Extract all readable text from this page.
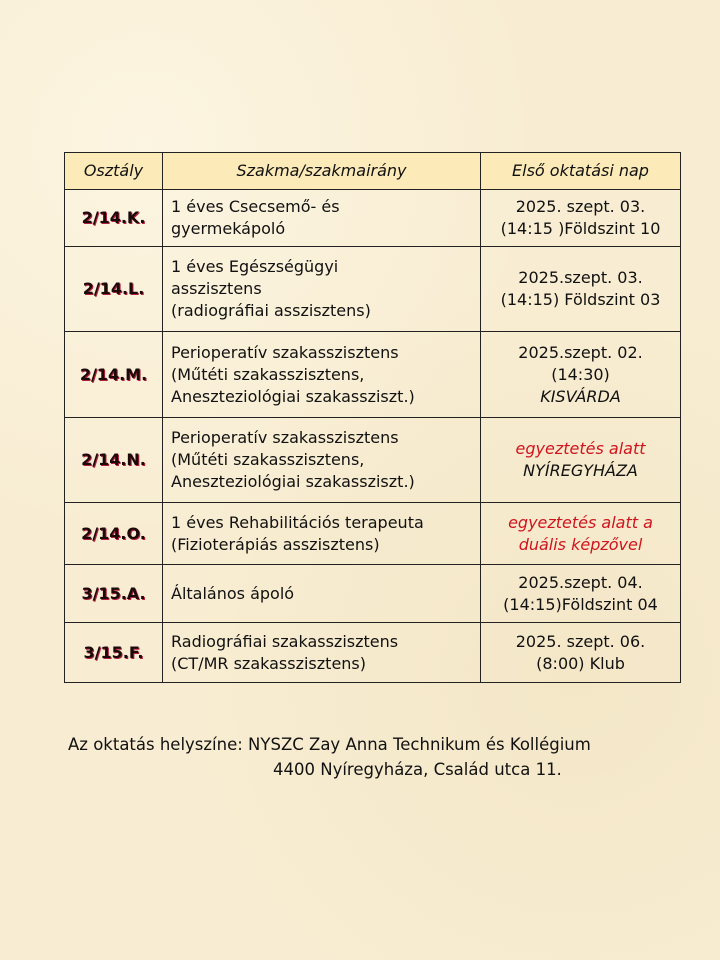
Osztály	Szakma/szakmairány	Első oktatási nap
2/14.K.	1 éves Csecsemő- és
gyermekápoló	2025. szept. 03.
(14:15 )Földszint 10

2/14.L.	1 éves Egészségügyi
asszisztens
(radiográfiai asszisztens)	2025.szept. 03.
(14:15) Földszint 03

2/14.M.	Perioperatív szakasszisztens
(Műtéti szakasszisztens,
Aneszteziológiai szakassziszt.)	2025.szept. 02.
(14:30)
KISVÁRDA

2/14.N.	Perioperatív szakasszisztens
(Műtéti szakasszisztens,
Aneszteziológiai szakassziszt.)	egyeztetés alatt
NYÍREGYHÁZA

2/14.O.	1 éves Rehabilitációs terapeuta
(Fizioterápiás asszisztens)	egyeztetés alatt a
duális képzővel

3/15.A.	Általános ápoló	2025.szept. 04.
(14:15)Földszint 04

3/15.F.	Radiográfiai szakasszisztens
(CT/MR szakasszisztens)	2025. szept. 06.
(8:00) Klub
Az oktatás helyszíne: NYSZC Zay Anna Technikum és Kollégium
4400 Nyíregyháza, Család utca 11.
